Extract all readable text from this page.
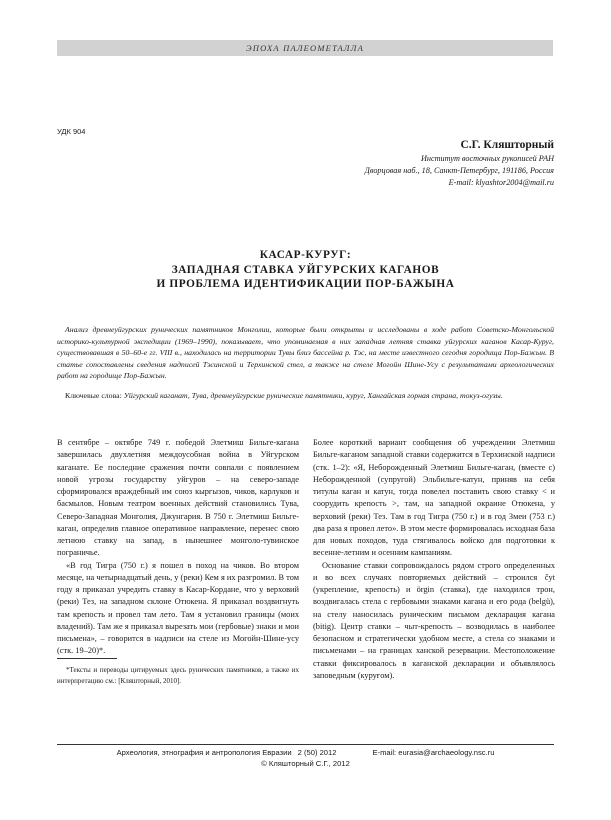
ЭПОХА ПАЛЕОМЕТАЛЛА
УДК 904
С.Г. Кляшторный
Институт восточных рукописей РАН
Дворцовая наб., 18, Санкт-Петербург, 191186, Россия
E-mail: klyashtor2004@mail.ru
КАСАР-КУРУГ:
ЗАПАДНАЯ СТАВКА УЙГУРСКИХ КАГАНОВ
И ПРОБЛЕМА ИДЕНТИФИКАЦИИ ПОР-БАЖЫНА
Анализ древнеуйгурских рунических памятников Монголии, которые были открыты и исследованы в ходе работ Советско-Монгольской историко-культурной экспедиции (1969–1990), показывает, что упоминаемая в них западная летняя ставка уйгурских каганов Касар-Куруг, существовавшая в 50–60-е гг. VIII в., находилась на территории Тувы близ бассейна р. Тэс, на месте известного сегодня городища Пор-Бажын. В статье сопоставлены сведения надписей Тэсинской и Терхинской стел, а также на стеле Могойн Шине-Усу с результатами археологических работ на городище Пор-Бажын.
Ключевые слова: Уйгурский каганат, Тува, древнеуйгурские рунические памятники, куруг, Хангайская горная страна, токуз-огузы.

В сентябре – октябре 749 г. победой Элетмиш Бильге-кагана завершилась двухлетняя междоусобная война в Уйгурском каганате. Ее последние сражения почти совпали с появлением новой угрозы государству уйгуров – на северо-западе сформировался враждебный им союз кыргызов, чиков, карлуков и басмылов. Новым театром военных действий становились Тува, Северо-Западная Монголия, Джунгария. В 750 г. Элетмиш Бильге-каган, определив главное оперативное направление, перенес свою летнюю ставку на запад, в нынешнее монголо-тувинское пограничье.

«В год Тигра (750 г.) я пошел в поход на чиков. Во втором месяце, на четырнадцатый день, у (реки) Кем я их разгромил. В том году я приказал учредить ставку в Касар-Кордане, что у верховий (реки) Тез, на западном склоне Отюкена. Я приказал воздвигнуть там крепость и провел там лето. Там я установил границы (моих владений). Там же я приказал вырезать мои (гербовые) знаки и мои письмена», – говорится в надписи на стеле из Могойн-Шине-усу (стк. 19–20)*.

*Тексты и переводы цитируемых здесь рунических памятников, а также их интерпретацию см.: [Кляшторный, 2010].

Более короткий вариант сообщения об учреждении Элетмиш Бильге-каганом западной ставки содержится в Терхинской надписи (стк. 1–2): «Я, Неборожденный Элетмиш Бильге-каган, (вместе с) Неборожденной (супругой) Эльбильге-катун, приняв на себя титулы каган и катун, тогда повелел поставить свою ставку < и соорудить крепость >, там, на западной окраине Отюкена, у верховий (реки) Тез. Там в год Тигра (750 г.) и в год Змеи (753 г.) два раза я провел лето». В этом месте формировалась исходная база для новых походов, туда стягивалось войско для подготовки к весенне-летним и осенним кампаниям.

Основание ставки сопровождалось рядом строго определенных и во всех случаях повторяемых действий – строился čyt (укрепление, крепость) и örgin (ставка), где находился трон, воздвигалась стела с гербовыми знаками кагана и его рода (belgü), на стелу наносилась руническим письмом декларация кагана (bitig). Центр ставки – чыт-крепость – возводилась в наиболее безопасном и стратегически удобном месте, а стела со знаками и письменами – на границах ханской резервации. Местоположение ставки фиксировалось в каганской декларации и объявлялось заповедным (куруғом).

Археология, этнография и антропология Евразии 2 (50) 2012	E-mail: eurasia@archaeology.nsc.ru
© Кляшторный С.Г., 2012
